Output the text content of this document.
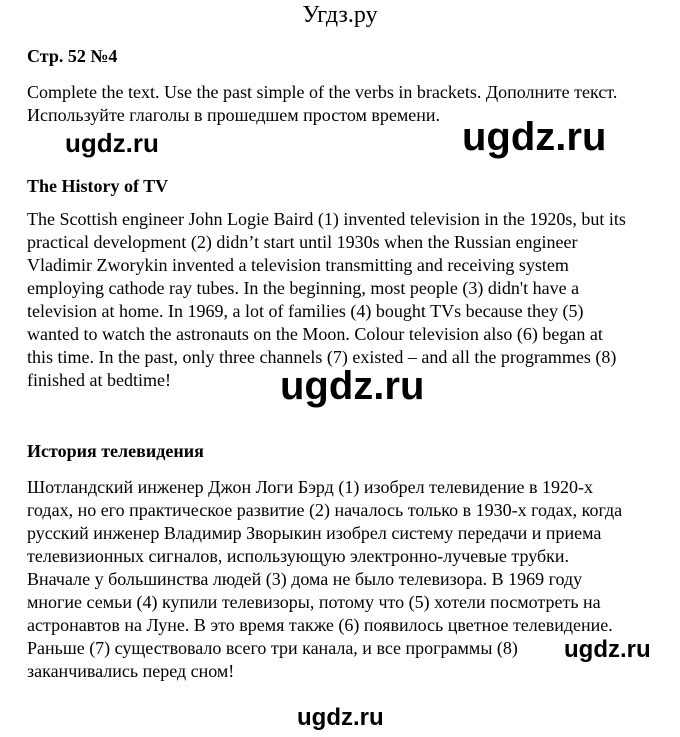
Угдз.ру
Стр. 52 №4
Complete the text. Use the past simple of the verbs in brackets. Дополните текст.
Используйте глаголы в прошедшем простом времени. ugdz.ru
ugdz.ru
The History of TV
The Scottish engineer John Logie Baird (1) invented television in the 1920s, but its
practical development (2) didn’t start until 1930s when the Russian engineer
Vladimir Zworykin invented a television transmitting and receiving system
employing cathode ray tubes. In the beginning, most people (3) didn't have a
television at home. In 1969, a lot of families (4) bought TVs because they (5)
wanted to watch the astronauts on the Moon. Colour television also (6) began at
this time. In the past, only three channels (7) existed – and all the programmes (8)
finished at bedtime!	ugdz.ru
История телевидения
Шотландский инженер Джон Логи Бэрд (1) изобрел телевидение в 1920-х
годах, но его практическое развитие (2) началось только в 1930-х годах, когда
русский инженер Владимир Зворыкин изобрел систему передачи и приема
телевизионных сигналов, использующую электронно-лучевые трубки.
Вначале у большинства людей (3) дома не было телевизора. В 1969 году
многие семьи (4) купили телевизоры, потому что (5) хотели посмотреть на
астронавтов на Луне. В это время также (6) появилось цветное телевидение.
Раньше (7) существовало всего три канала, и все программы (8)
заканчивались перед сном!
ugdz.ru
ugdz.ru
